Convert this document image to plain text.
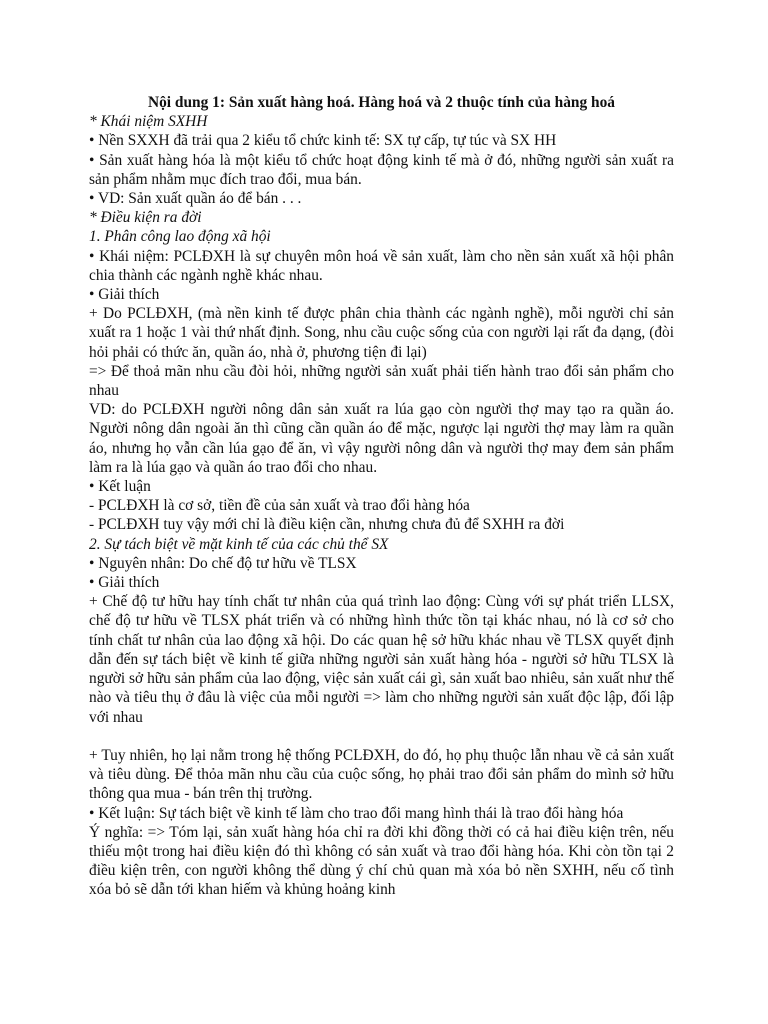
Nội dung 1: Sản xuất hàng hoá. Hàng hoá và 2 thuộc tính của hàng hoá

* Khái niệm SXHH

• Nền SXXH đã trải qua 2 kiểu tổ chức kinh tế: SX tự cấp, tự túc và SX HH

• Sản xuất hàng hóa là một kiểu tổ chức hoạt động kinh tế mà ở đó, những người sản xuất ra sản phẩm nhằm mục đích trao đổi, mua bán.

• VD: Sản xuất quần áo để bán . . .

* Điều kiện ra đời

1. Phân công lao động xã hội

• Khái niệm: PCLĐXH là sự chuyên môn hoá về sản xuất, làm cho nền sản xuất xã hội phân chia thành các ngành nghề khác nhau.

• Giải thích

+ Do PCLĐXH, (mà nền kinh tế được phân chia thành các ngành nghề), mỗi người chỉ sản xuất ra 1 hoặc 1 vài thứ nhất định. Song, nhu cầu cuộc sống của con người lại rất đa dạng, (đòi hỏi phải có thức ăn, quần áo, nhà ở, phương tiện đi lại)

=> Để thoả mãn nhu cầu đòi hỏi, những người sản xuất phải tiến hành trao đổi sản phẩm cho nhau

VD: do PCLĐXH người nông dân sản xuất ra lúa gạo còn người thợ may tạo ra quần áo. Người nông dân ngoài ăn thì cũng cần quần áo để mặc, ngược lại người thợ may làm ra quần áo, nhưng họ vẫn cần lúa gạo để ăn, vì vậy người nông dân và người thợ may đem sản phẩm làm ra là lúa gạo và quần áo trao đổi cho nhau.

• Kết luận

- PCLĐXH là cơ sở, tiền đề của sản xuất và trao đổi hàng hóa

- PCLĐXH tuy vậy mới chỉ là điều kiện cần, nhưng chưa đủ để SXHH ra đời

2. Sự tách biệt về mặt kinh tế của các chủ thể SX

• Nguyên nhân: Do chế độ tư hữu về TLSX

• Giải thích

+ Chế độ tư hữu hay tính chất tư nhân của quá trình lao động: Cùng với sự phát triển LLSX, chế độ tư hữu về TLSX phát triển và có những hình thức tồn tại khác nhau, nó là cơ sở cho tính chất tư nhân của lao động xã hội. Do các quan hệ sở hữu khác nhau về TLSX quyết định dẫn đến sự tách biệt về kinh tế giữa những người sản xuất hàng hóa - người sở hữu TLSX là người sở hữu sản phẩm của lao động, việc sản xuất cái gì, sản xuất bao nhiêu, sản xuất như thế nào và tiêu thụ ở đâu là việc của mỗi người => làm cho những người sản xuất độc lập, đối lập với nhau

+ Tuy nhiên, họ lại nằm trong hệ thống PCLĐXH, do đó, họ phụ thuộc lẫn nhau về cả sản xuất và tiêu dùng. Để thỏa mãn nhu cầu của cuộc sống, họ phải trao đổi sản phẩm do mình sở hữu thông qua mua - bán trên thị trường.

• Kết luận: Sự tách biệt về kinh tế làm cho trao đổi mang hình thái là trao đổi hàng hóa

Ý nghĩa: => Tóm lại, sản xuất hàng hóa chỉ ra đời khi đồng thời có cả hai điều kiện trên, nếu thiếu một trong hai điều kiện đó thì không có sản xuất và trao đổi hàng hóa. Khi còn tồn tại 2 điều kiện trên, con người không thể dùng ý chí chủ quan mà xóa bỏ nền SXHH, nếu cố tình xóa bỏ sẽ dẫn tới khan hiếm và khủng hoảng kinh
